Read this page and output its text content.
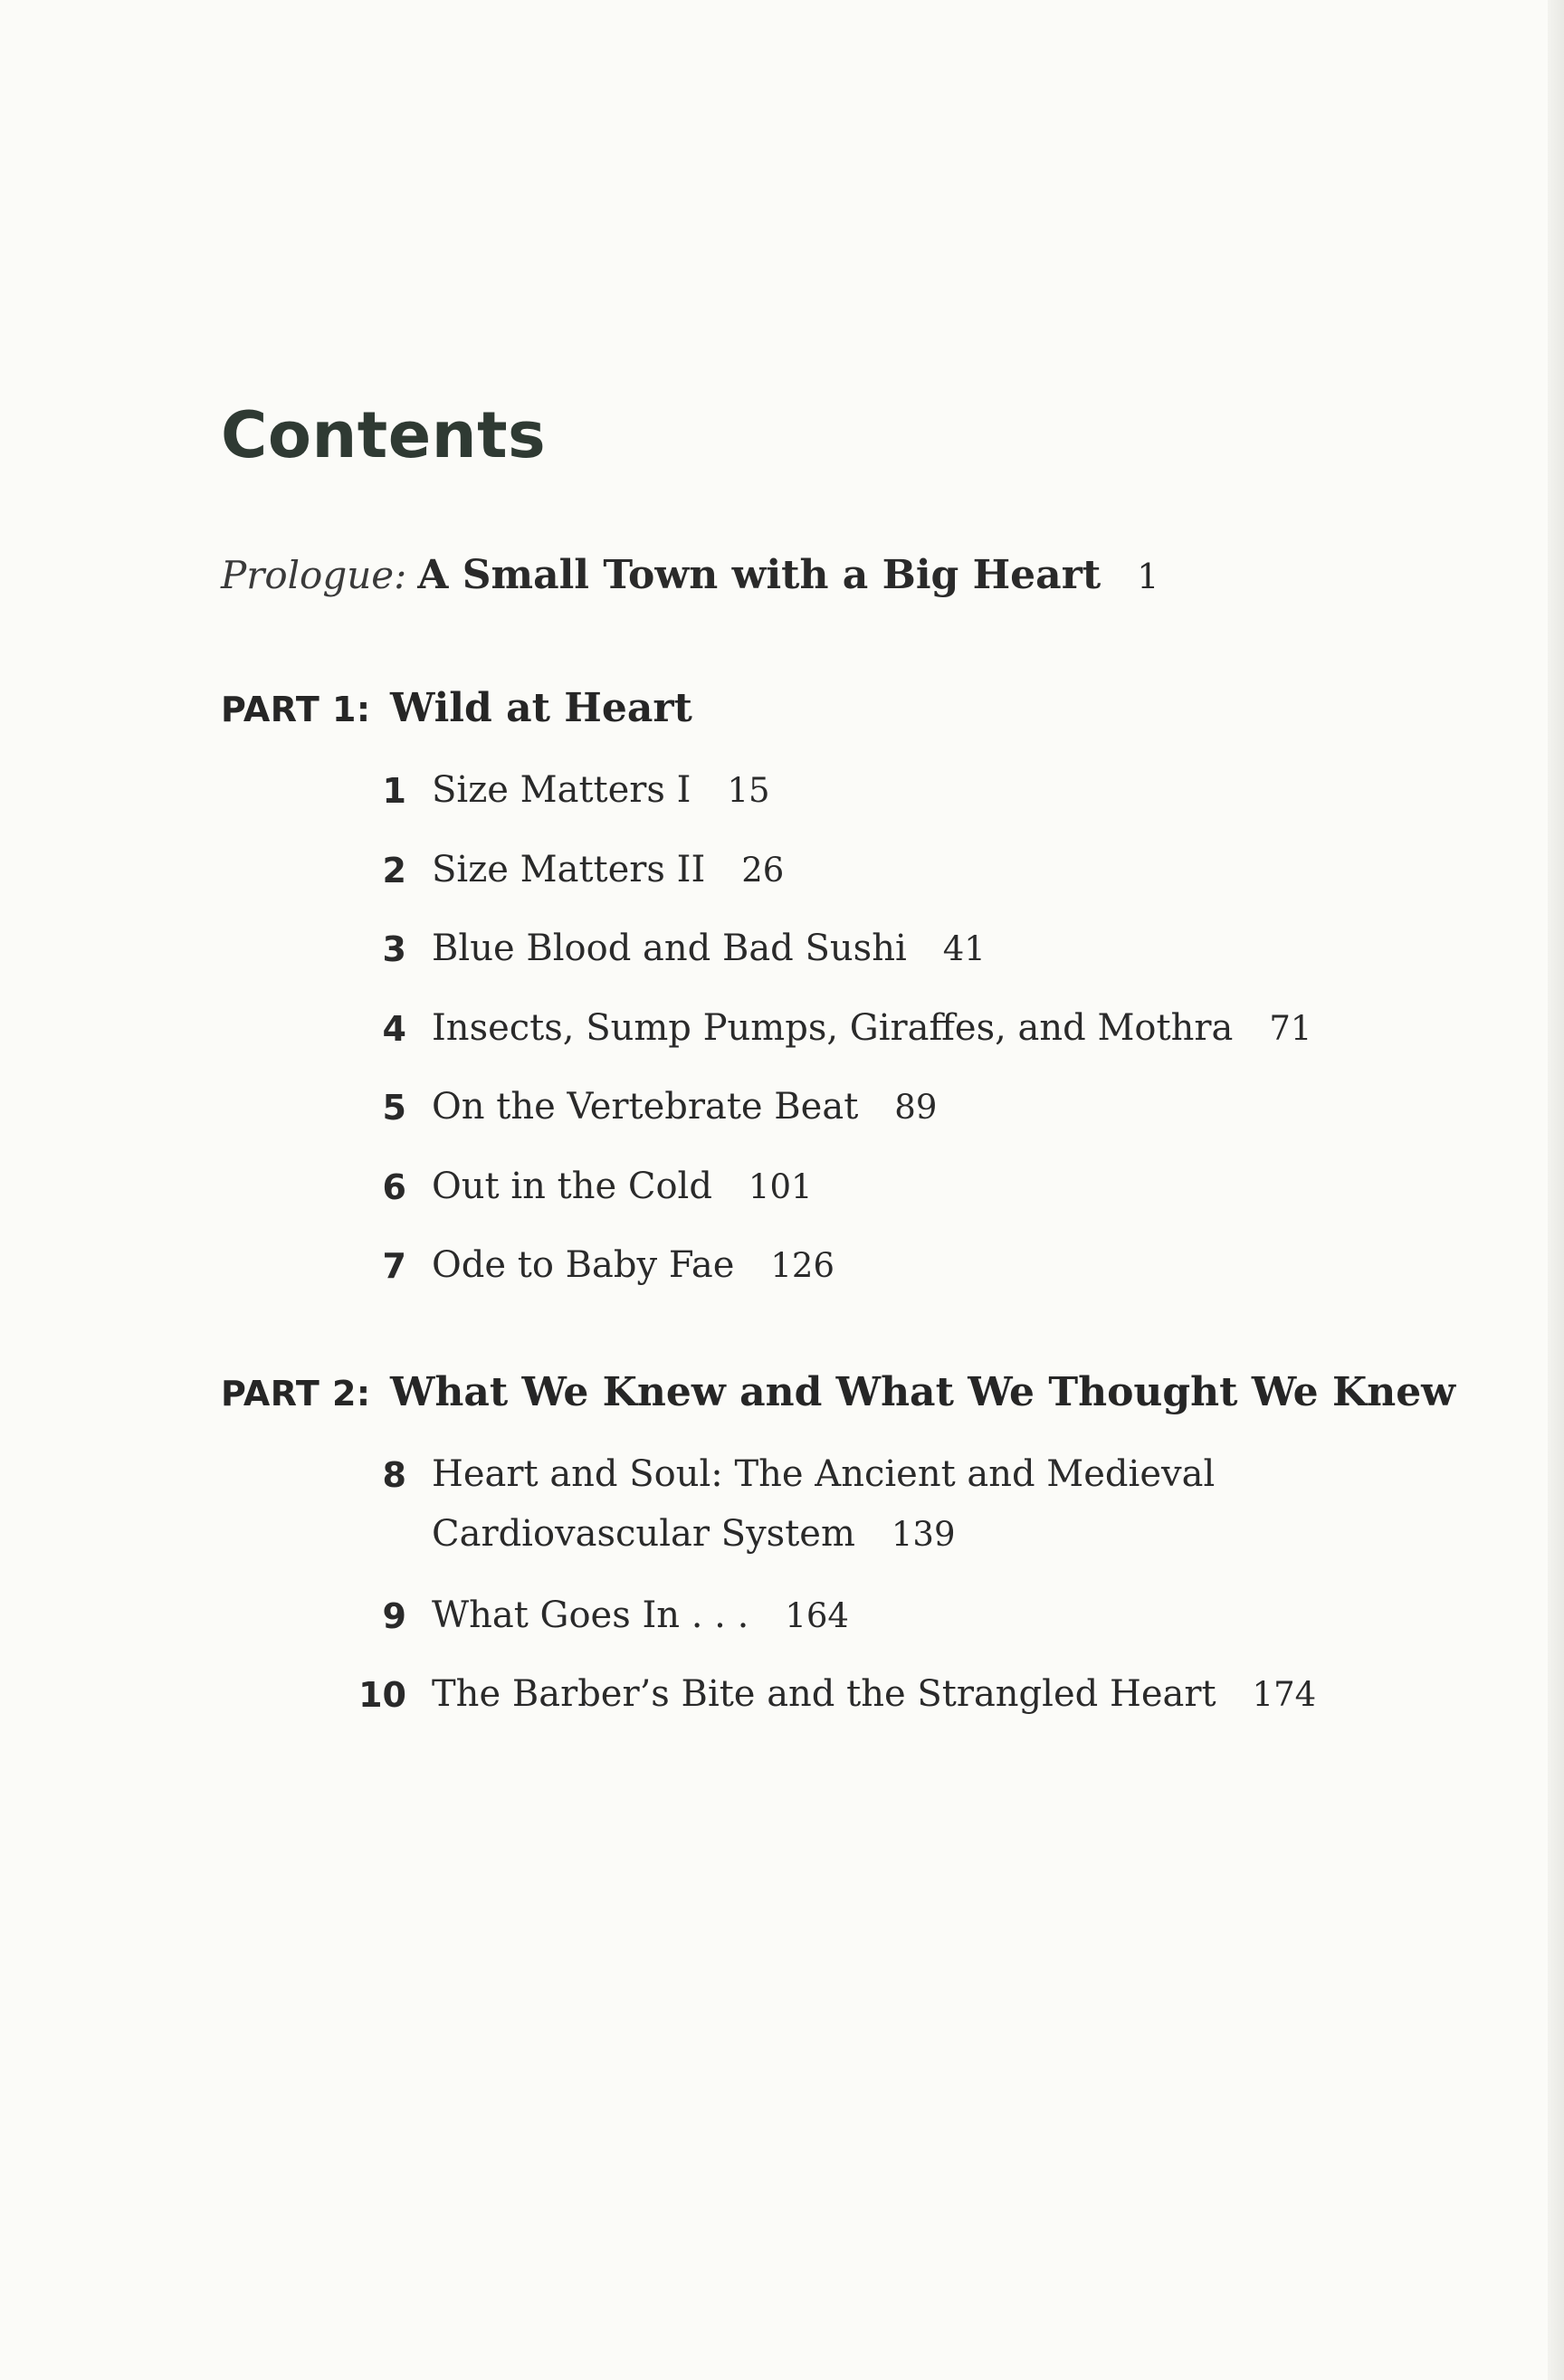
Contents
Prologue: A Small Town with a Big Heart 1
PART 1: Wild at Heart
1 Size Matters I 15
2 Size Matters II 26
3 Blue Blood and Bad Sushi 41
4 Insects, Sump Pumps, Giraffes, and Mothra 71
5 On the Vertebrate Beat 89
6 Out in the Cold 101
7 Ode to Baby Fae 126
PART 2: What We Knew and What We Thought We Knew
8 Heart and Soul: The Ancient and Medieval
Cardiovascular System 139
9 What Goes In . . . 164
10 The Barber’s Bite and the Strangled Heart 174
